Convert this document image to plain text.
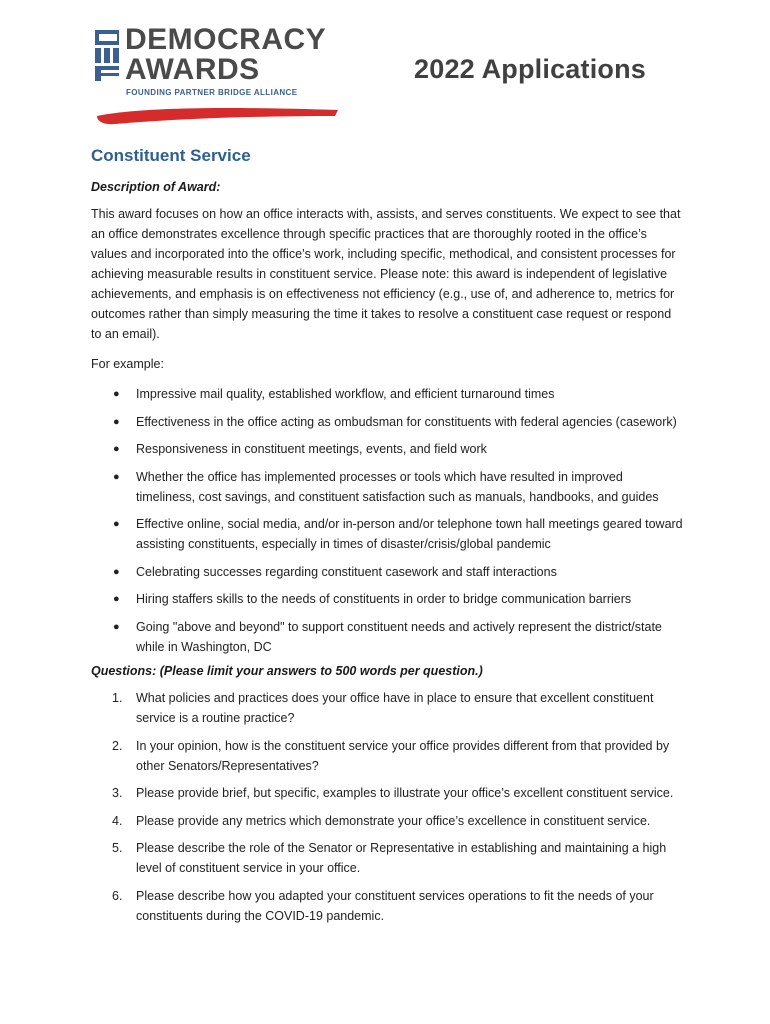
DEMOCRACY
AWARDS
FOUNDING PARTNER BRIDGE ALLIANCE
2022 Applications
Constituent Service
Description of Award:

This award focuses on how an office interacts with, assists, and serves constituents. We expect to see that an office demonstrates excellence through specific practices that are thoroughly rooted in the office’s values and incorporated into the office’s work, including specific, methodical, and consistent processes for achieving measurable results in constituent service. Please note: this award is independent of legislative achievements, and emphasis is on effectiveness not efficiency (e.g., use of, and adherence to, metrics for outcomes rather than simply measuring the time it takes to resolve a constituent case request or respond to an email).

For example:

● Impressive mail quality, established workflow, and efficient turnaround times
● Effectiveness in the office acting as ombudsman for constituents with federal agencies (casework)
● Responsiveness in constituent meetings, events, and field work
● Whether the office has implemented processes or tools which have resulted in improved timeliness, cost savings, and constituent satisfaction such as manuals, handbooks, and guides
● Effective online, social media, and/or in-person and/or telephone town hall meetings geared toward assisting constituents, especially in times of disaster/crisis/global pandemic
● Celebrating successes regarding constituent casework and staff interactions
● Hiring staffers skills to the needs of constituents in order to bridge communication barriers
● Going "above and beyond" to support constituent needs and actively represent the district/state while in Washington, DC
Questions: (Please limit your answers to 500 words per question.)
1. What policies and practices does your office have in place to ensure that excellent constituent service is a routine practice?
2. In your opinion, how is the constituent service your office provides different from that provided by other Senators/Representatives?
3. Please provide brief, but specific, examples to illustrate your office’s excellent constituent service.
4. Please provide any metrics which demonstrate your office’s excellence in constituent service.
5. Please describe the role of the Senator or Representative in establishing and maintaining a high level of constituent service in your office.
6. Please describe how you adapted your constituent services operations to fit the needs of your constituents during the COVID-19 pandemic.
